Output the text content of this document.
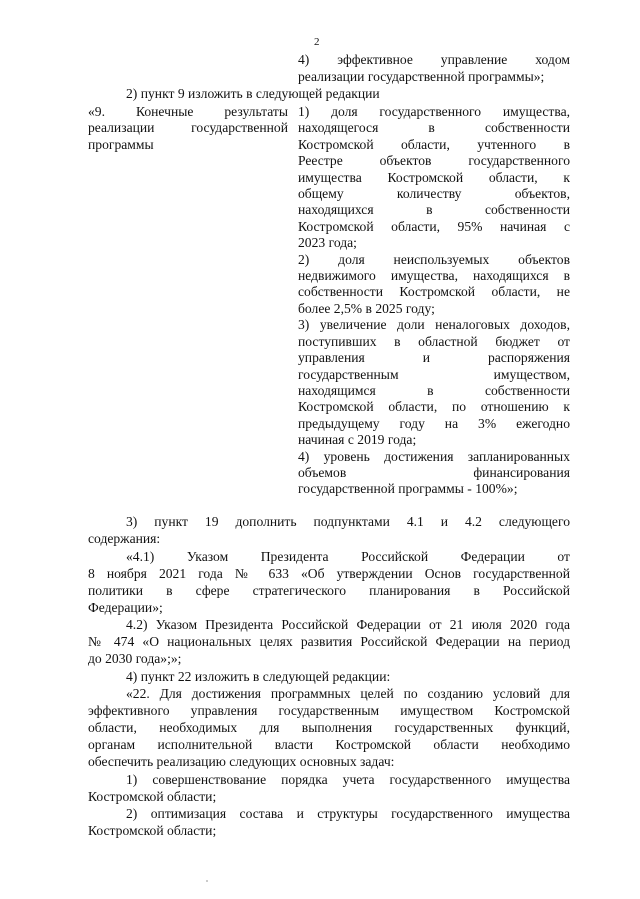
2
4) эффективное управление ходом
реализации государственной программы»;
2) пункт 9 изложить в следующей редакции
«9. Конечные результаты
реализации государственной
программы
1) доля государственного имущества,
находящегося в собственности
Костромской области, учтенного в
Реестре объектов государственного
имущества Костромской области, к
общему количеству объектов,
находящихся в собственности
Костромской области, 95% начиная с
2023 года;
2) доля неиспользуемых объектов
недвижимого имущества, находящихся в
собственности Костромской области, не
более 2,5% в 2025 году;
3) увеличение доли неналоговых доходов,
поступивших в областной бюджет от
управления и распоряжения
государственным имуществом,
находящимся в собственности
Костромской области, по отношению к
предыдущему году на 3% ежегодно
начиная с 2019 года;
4) уровень достижения запланированных
объемов финансирования
государственной программы - 100%»;
3) пункт 19 дополнить подпунктами 4.1 и 4.2 следующего
содержания:
«4.1) Указом Президента Российской Федерации от
8 ноября 2021 года № 633 «Об утверждении Основ государственной
политики в сфере стратегического планирования в Российской
Федерации»;
4.2) Указом Президента Российской Федерации от 21 июля 2020 года
№ 474 «О национальных целях развития Российской Федерации на период
до 2030 года»;»;
4) пункт 22 изложить в следующей редакции:
«22. Для достижения программных целей по созданию условий для
эффективного управления государственным имуществом Костромской
области, необходимых для выполнения государственных функций,
органам исполнительной власти Костромской области необходимо
обеспечить реализацию следующих основных задач:
1) совершенствование порядка учета государственного имущества
Костромской области;
2) оптимизация состава и структуры государственного имущества
Костромской области;
